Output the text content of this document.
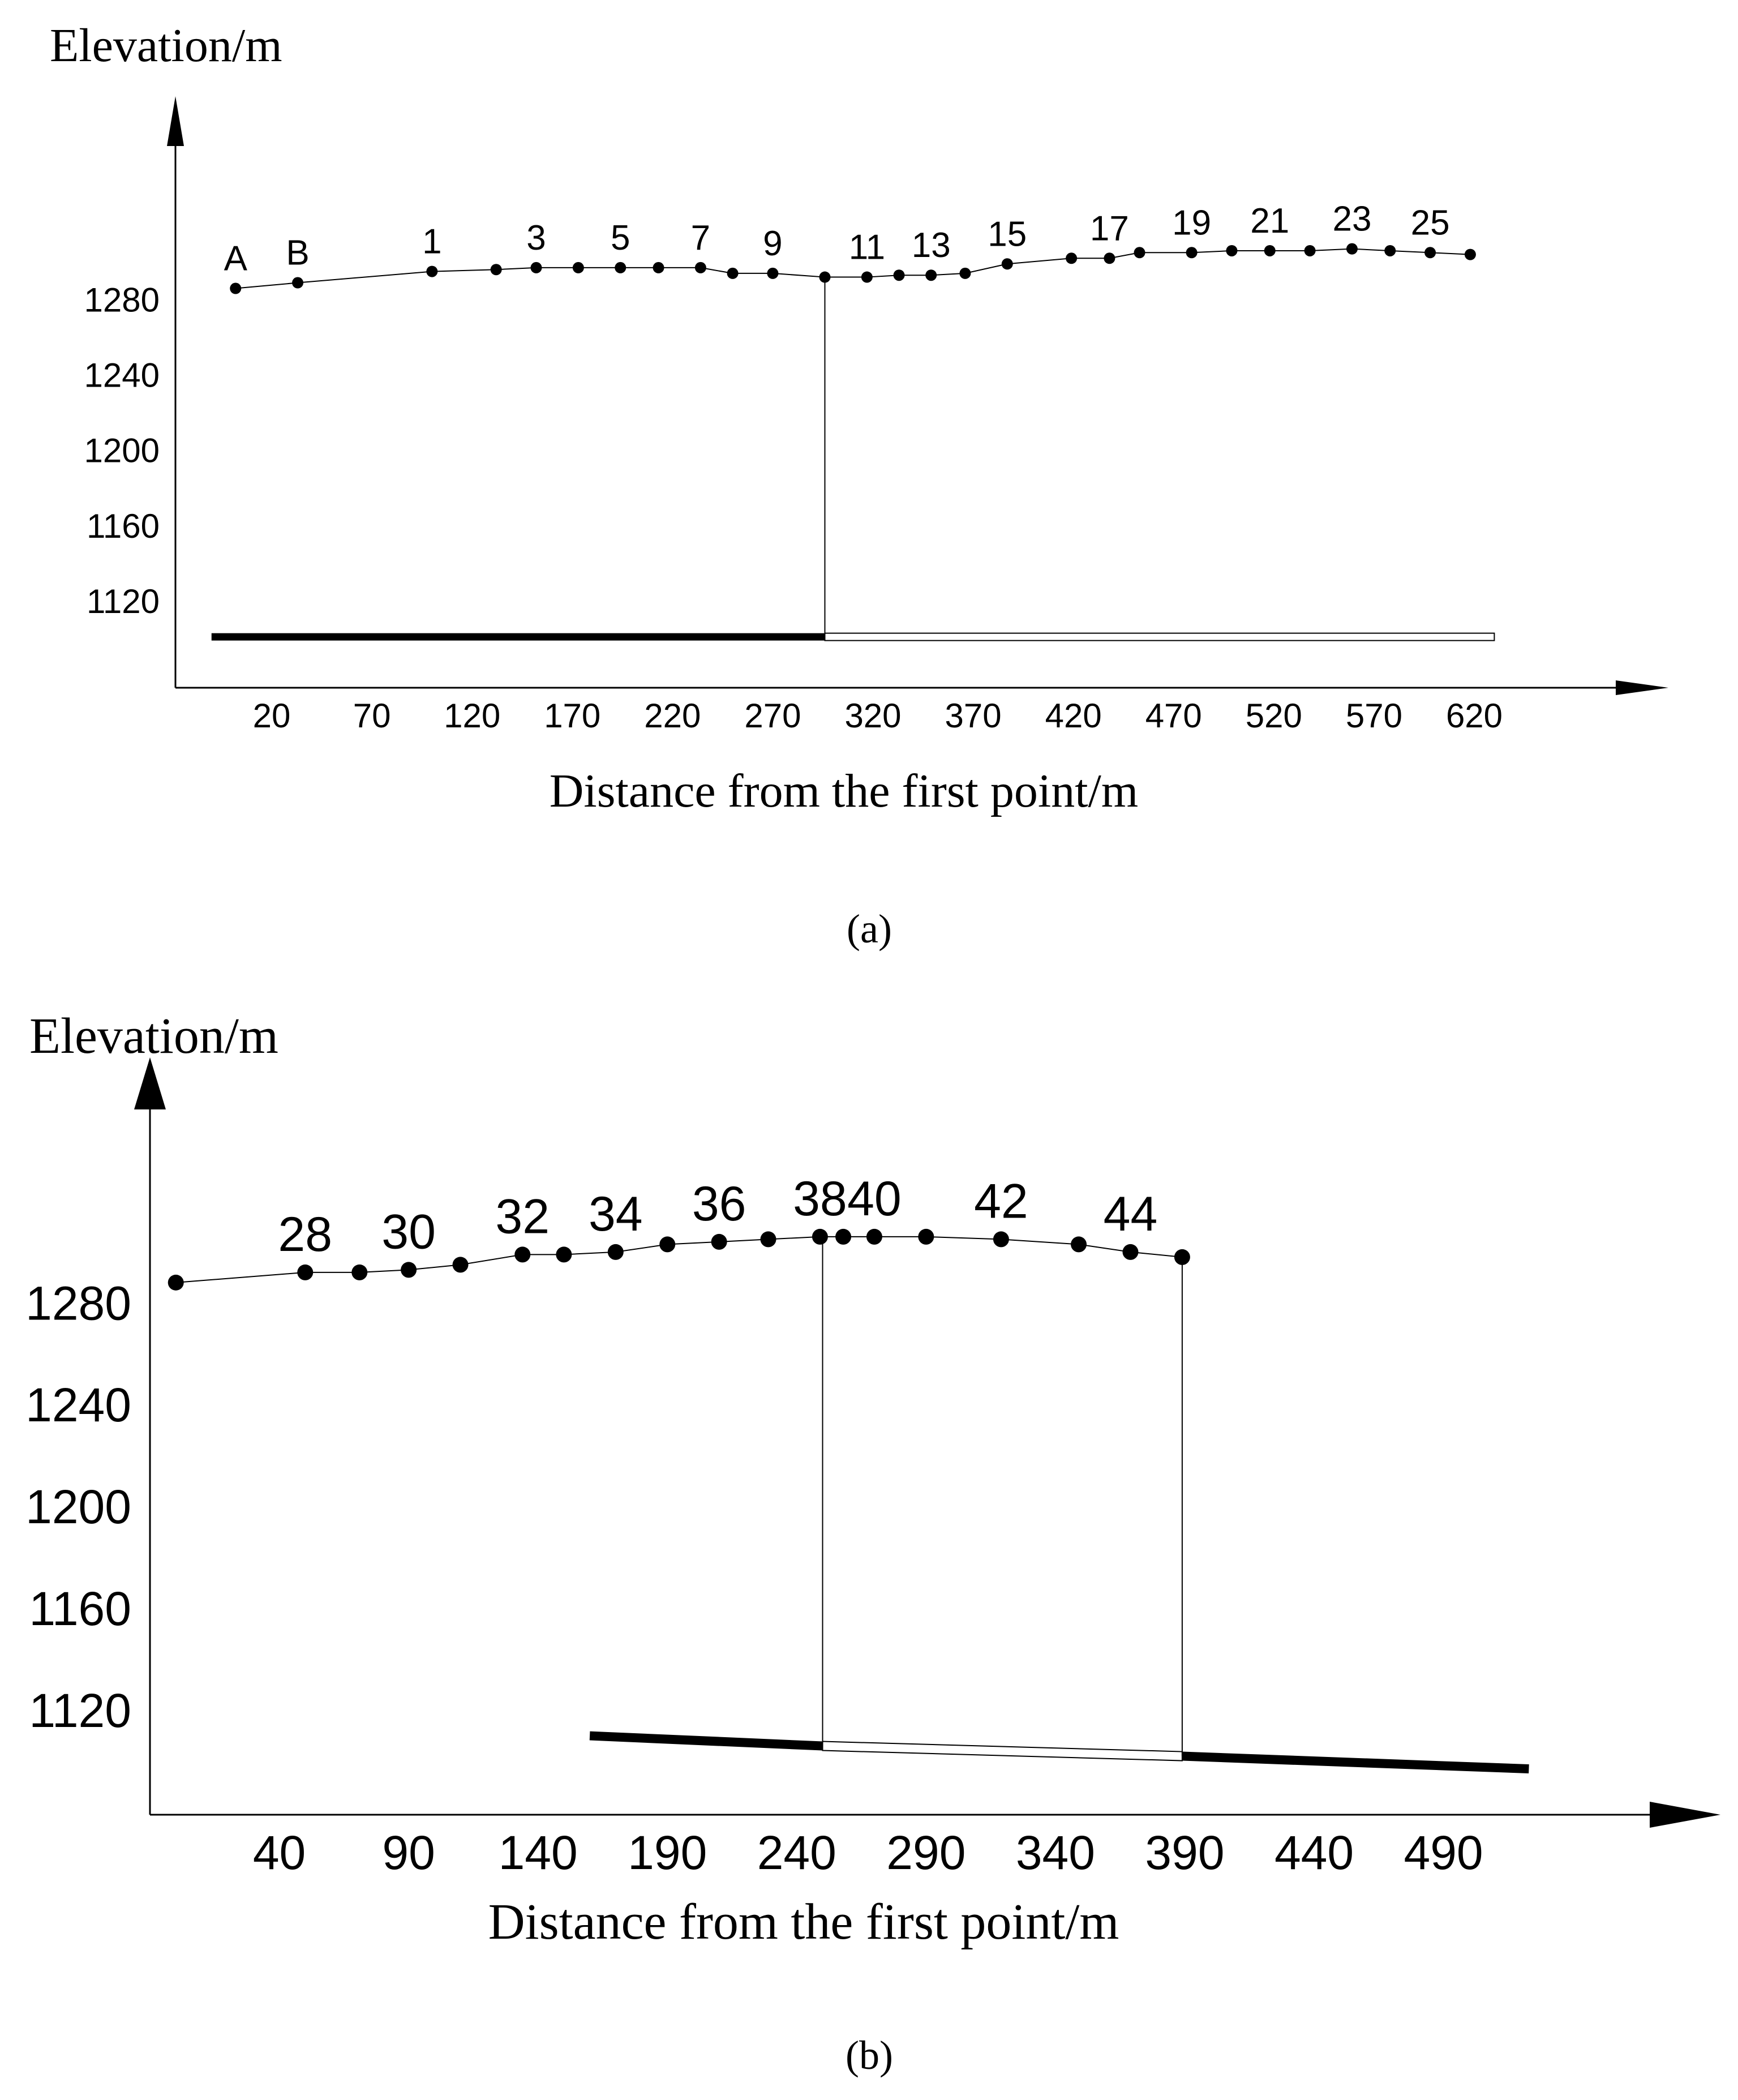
Elevation/m
Distance from the first point/m
(a)
1120
1160
1200
1240
1280
20 70 120 170 220 270 320 370 420 470 520 570 620
A B	1 3 5 7 9 11 13 15 17 19 21 23 25
Elevation/m
Distance from the first point/m
(b)
1120
1160
1200
1240
1280
40 90 140 190 240 290 340 390 440 490
28 30 32 34 36 38 40 42 44
